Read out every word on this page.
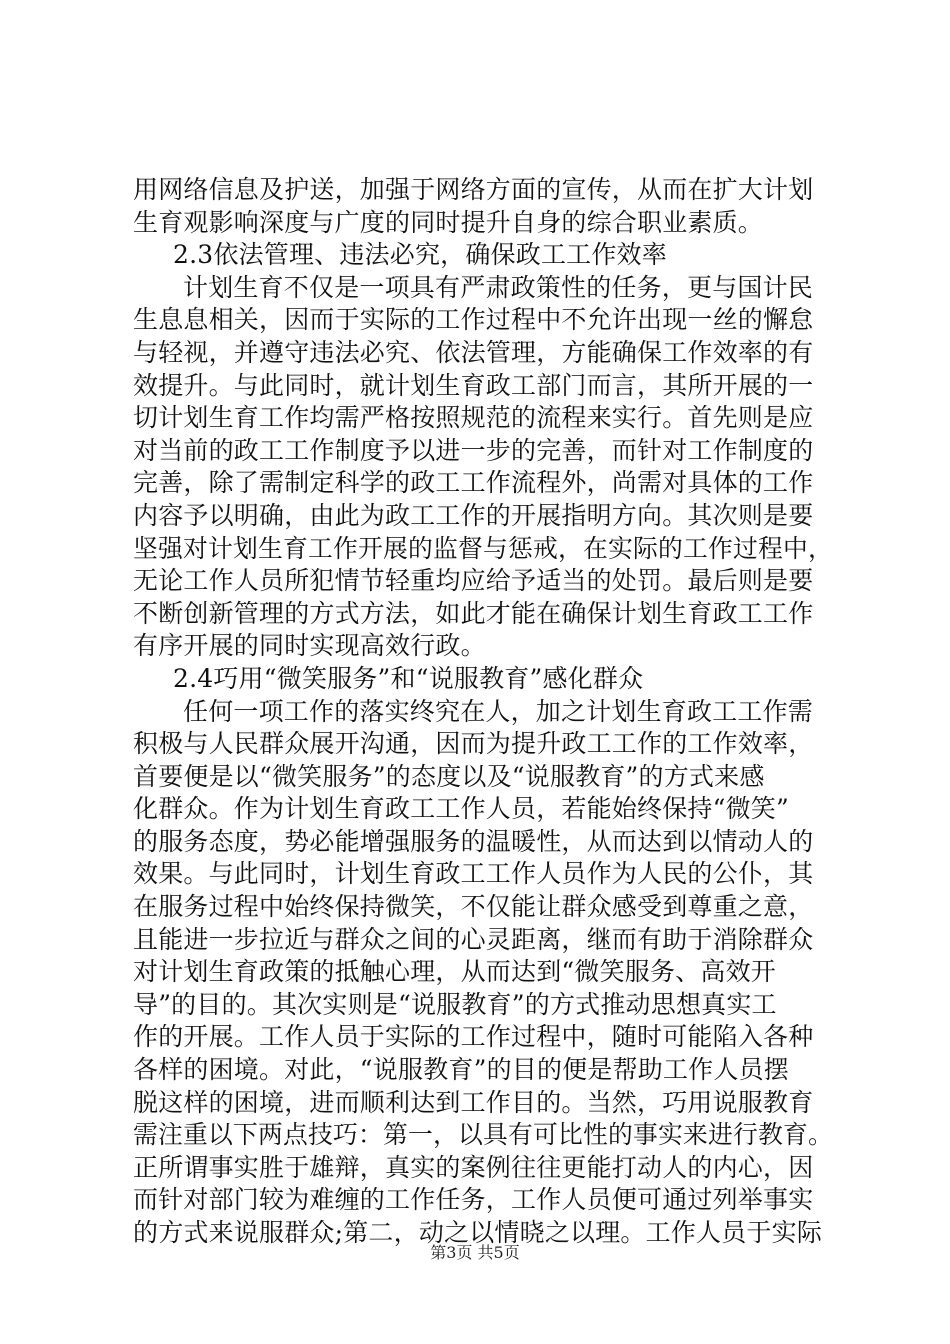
用网络信息及护送，加强于网络方面的宣传，从而在扩大计划
生育观影响深度与广度的同时提升自身的综合职业素质。
2.3依法管理、违法必究，确保政工工作效率
计划生育不仅是一项具有严肃政策性的任务，更与国计民
生息息相关，因而于实际的工作过程中不允许出现一丝的懈怠
与轻视，并遵守违法必究、依法管理，方能确保工作效率的有
效提升。与此同时，就计划生育政工部门而言，其所开展的一
切计划生育工作均需严格按照规范的流程来实行。首先则是应
对当前的政工工作制度予以进一步的完善，而针对工作制度的
完善，除了需制定科学的政工工作流程外，尚需对具体的工作
内容予以明确，由此为政工工作的开展指明方向。其次则是要
坚强对计划生育工作开展的监督与惩戒，在实际的工作过程中，
无论工作人员所犯情节轻重均应给予适当的处罚。最后则是要
不断创新管理的方式方法，如此才能在确保计划生育政工工作
有序开展的同时实现高效行政。
2.4巧用“微笑服务”和“说服教育”感化群众
任何一项工作的落实终究在人，加之计划生育政工工作需
积极与人民群众展开沟通，因而为提升政工工作的工作效率，
首要便是以“微笑服务”的态度以及“说服教育”的方式来感
化群众。作为计划生育政工工作人员，若能始终保持“微笑”
的服务态度，势必能增强服务的温暖性，从而达到以情动人的
效果。与此同时，计划生育政工工作人员作为人民的公仆，其
在服务过程中始终保持微笑，不仅能让群众感受到尊重之意，
且能进一步拉近与群众之间的心灵距离，继而有助于消除群众
对计划生育政策的抵触心理，从而达到“微笑服务、高效开
导”的目的。其次实则是“说服教育”的方式推动思想真实工
作的开展。工作人员于实际的工作过程中，随时可能陷入各种
各样的困境。对此，“说服教育”的目的便是帮助工作人员摆
脱这样的困境，进而顺利达到工作目的。当然，巧用说服教育
需注重以下两点技巧：第一，以具有可比性的事实来进行教育。
正所谓事实胜于雄辩，真实的案例往往更能打动人的内心，因
而针对部门较为难缠的工作任务，工作人员便可通过列举事实
的方式来说服群众;第二，动之以情晓之以理。工作人员于实际
第3页 共5页
